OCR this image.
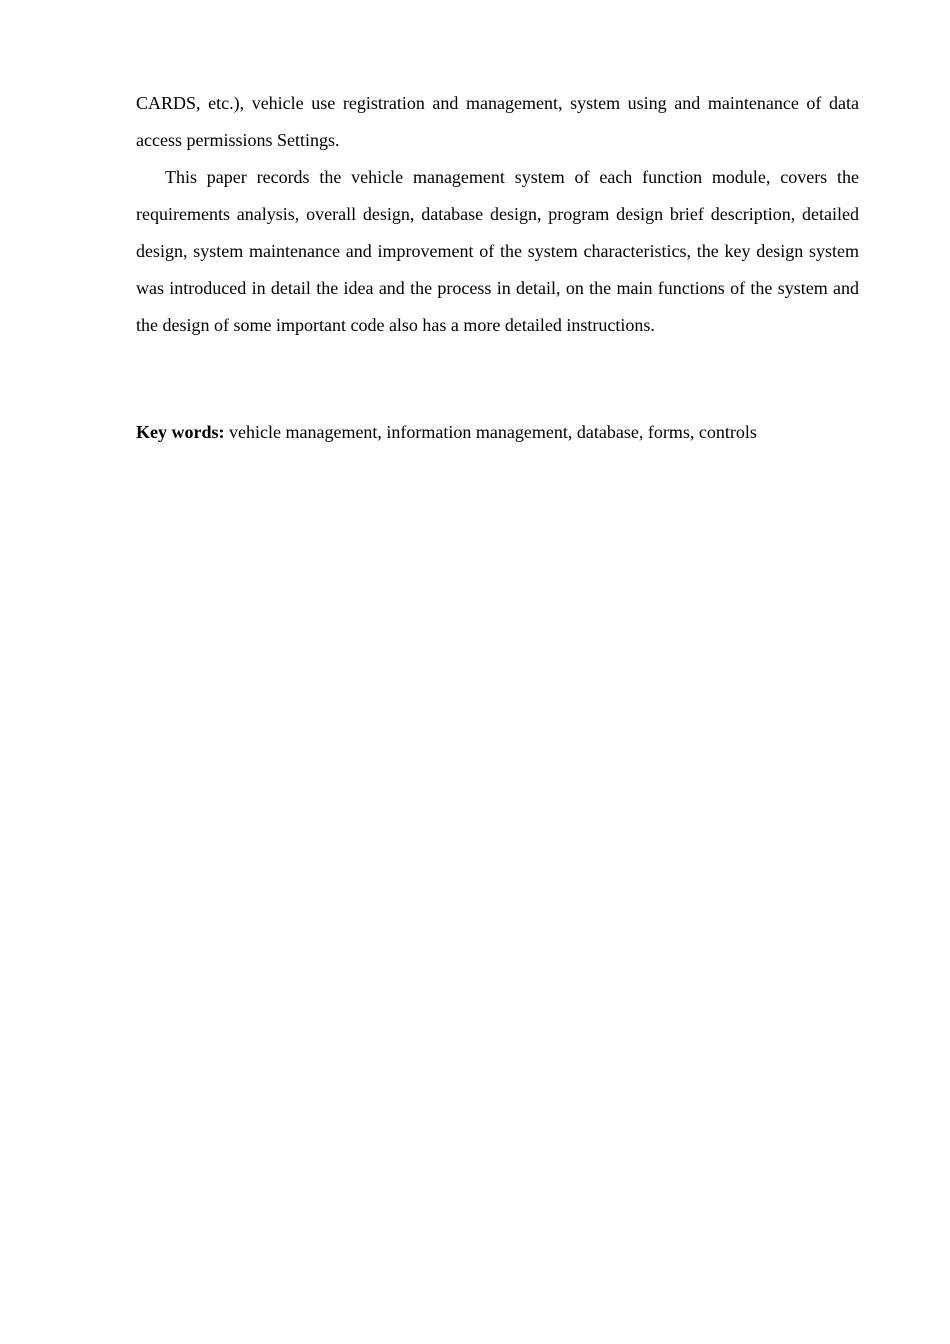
CARDS, etc.), vehicle use registration and management, system using and maintenance of data access permissions Settings.

This paper records the vehicle management system of each function module, covers the requirements analysis, overall design, database design, program design brief description, detailed design, system maintenance and improvement of the system characteristics, the key design system was introduced in detail the idea and the process in detail, on the main functions of the system and the design of some important code also has a more detailed instructions.

Key words: vehicle management, information management, database, forms, controls
